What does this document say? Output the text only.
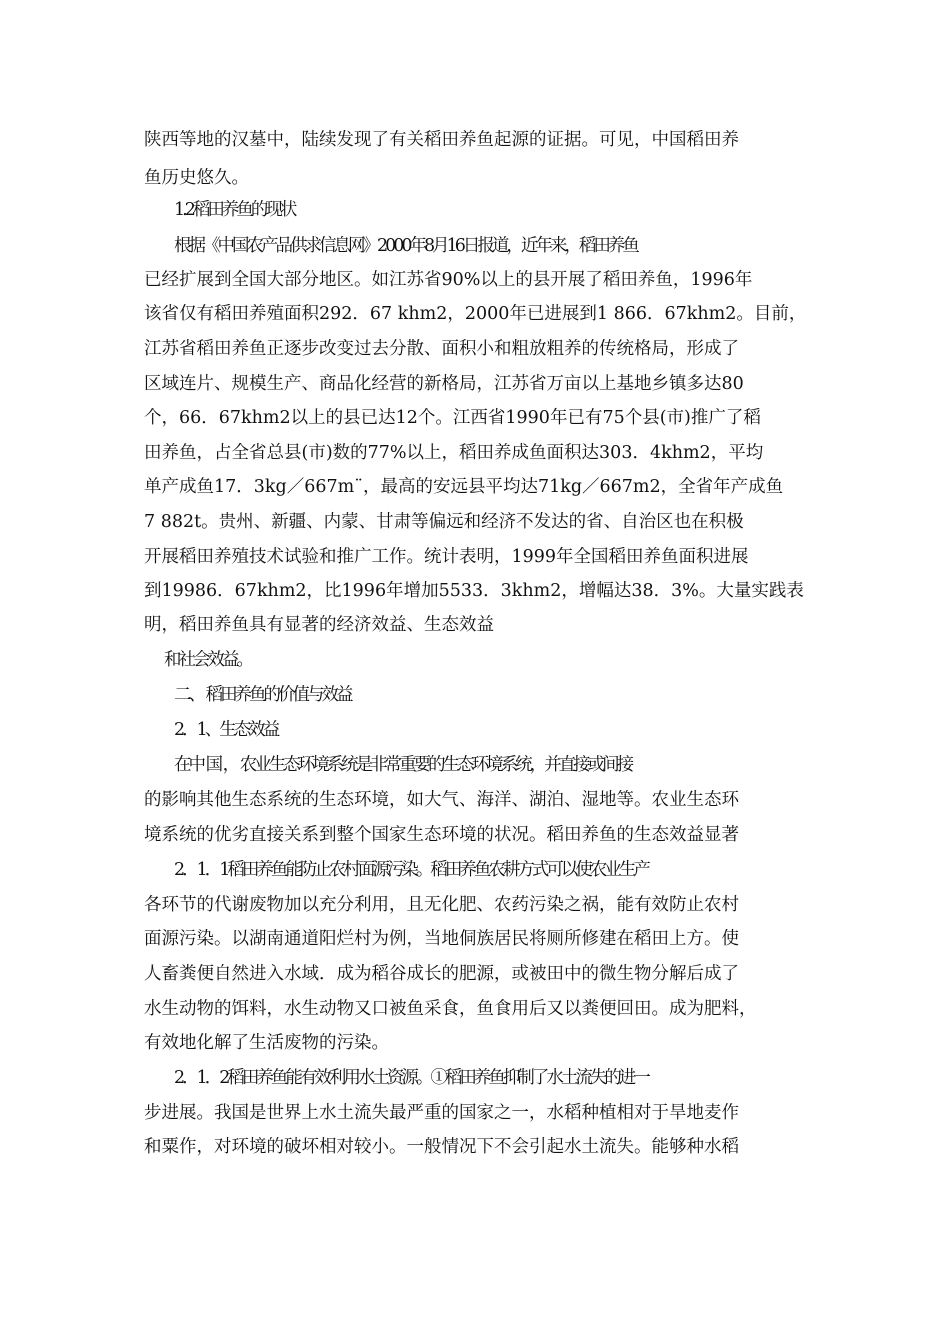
陕西等地的汉墓中，陆续发现了有关稻田养鱼起源的证据。可见，中国稻田养

鱼历史悠久。

1.2稻田养鱼的现状

根据《中国农产品供求信息网》2000年8月16日报道，近年来，稻田养鱼

已经扩展到全国大部分地区。如江苏省90%以上的县开展了稻田养鱼，1996年

该省仅有稻田养殖面积292．67 khm2，2000年已进展到1 866．67khm2。目前，

江苏省稻田养鱼正逐步改变过去分散、面积小和粗放粗养的传统格局，形成了

区域连片、规模生产、商品化经营的新格局，江苏省万亩以上基地乡镇多达80

个，66．67khm2以上的县已达12个。江西省1990年已有75个县(市)推广了稻

田养鱼，占全省总县(市)数的77%以上，稻田养成鱼面积达303．4khm2，平均

单产成鱼17．3kg／667m¨，最高的安远县平均达71kg／667m2，全省年产成鱼

7 882t。贵州、新疆、内蒙、甘肃等偏远和经济不发达的省、自治区也在积极

开展稻田养殖技术试验和推广工作。统计表明，1999年全国稻田养鱼面积进展

到19986．67khm2，比1996年增加5533．3khm2，增幅达38．3%。大量实践表

明，稻田养鱼具有显著的经济效益、生态效益

和社会效益。

二、 稻田养鱼的价值与效益

2．1、生态效益

在中 国 ， 农业生态环境系统是非常重要的生态环境系统，并直接或间接

的影响其他生态系统的生态环境，如大气、海洋、湖泊、湿地等。农业生态环

境系统的优劣直接关系到整个国家生态环境的状况。稻田养鱼的生态效益显著

2．1．1稻田养鱼能防止农村面源污染。稻田养鱼农耕方式可以使农业生产

各环节的代谢废物加以充分利用，且无化肥、农药污染之祸，能有效防止农村

面源污染。以湖南通道阳烂村为例，当地侗族居民将厕所修建在稻田上方。使

人畜粪便自然进入水域．成为稻谷成长的肥源，或被田中的微生物分解后成了

水生动物的饵料，水生动物又口被鱼采食，鱼食用后又以粪便回田。成为肥料，

有效地化解了生活废物的污染。

2．1．2稻田养鱼能有效利用水土资源。①稻田养鱼抑制了水土流失的进一

步进展。我国是世界上水土流失最严重的国家之一，水稻种植相对于旱地麦作

和粟作，对环境的破坏相对较小。一般情况下不会引起水土流失。能够种水稻
